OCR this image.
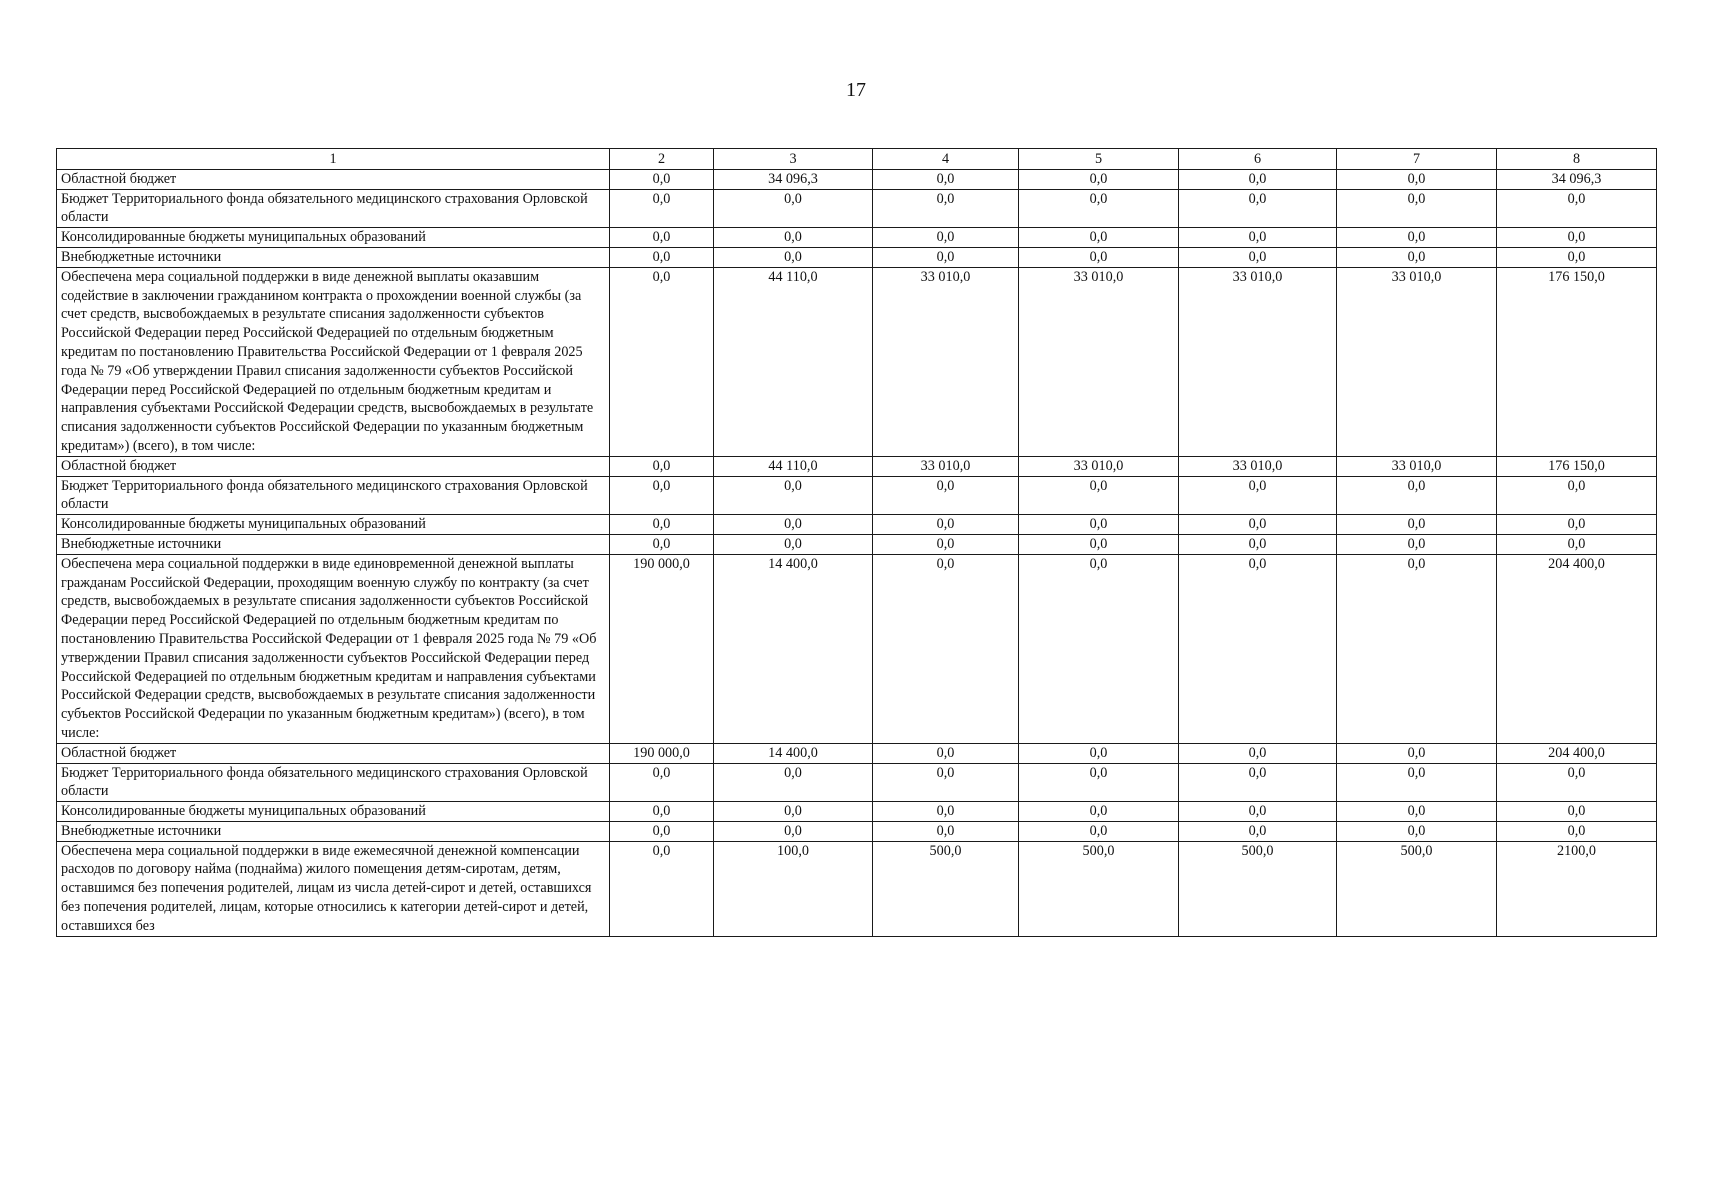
17
1	2	3	4	5	6	7	8
Областной бюджет	0,0	34 096,3	0,0	0,0	0,0	0,0	34 096,3
Бюджет Территориального фонда обязательного медицинского страхования Орловской области	0,0	0,0	0,0	0,0	0,0	0,0	0,0
Консолидированные бюджеты муниципальных образований	0,0	0,0	0,0	0,0	0,0	0,0	0,0
Внебюджетные источники	0,0	0,0	0,0	0,0	0,0	0,0	0,0
Обеспечена мера социальной поддержки в виде денежной выплаты оказавшим содействие в заключении гражданином контракта о прохождении военной службы (за счет средств, высвобождаемых в результате списания задолженности субъектов Российской Федерации перед Российской Федерацией по отдельным бюджетным кредитам по постановлению Правительства Российской Федерации от 1 февраля 2025 года № 79 «Об утверждении Правил списания задолженности субъектов Российской Федерации перед Российской Федерацией по отдельным бюджетным кредитам и направления субъектами Российской Федерации средств, высвобождаемых в результате списания задолженности субъектов Российской Федерации по указанным бюджетным кредитам») (всего), в том числе:	0,0	44 110,0	33 010,0	33 010,0	33 010,0	33 010,0	176 150,0
Областной бюджет	0,0	44 110,0	33 010,0	33 010,0	33 010,0	33 010,0	176 150,0
Бюджет Территориального фонда обязательного медицинского страхования Орловской области	0,0	0,0	0,0	0,0	0,0	0,0	0,0
Консолидированные бюджеты муниципальных образований	0,0	0,0	0,0	0,0	0,0	0,0	0,0
Внебюджетные источники	0,0	0,0	0,0	0,0	0,0	0,0	0,0
Обеспечена мера социальной поддержки в виде единовременной денежной выплаты гражданам Российской Федерации, проходящим военную службу по контракту (за счет средств, высвобождаемых в результате списания задолженности субъектов Российской Федерации перед Российской Федерацией по отдельным бюджетным кредитам по постановлению Правительства Российской Федерации от 1 февраля 2025 года № 79 «Об утверждении Правил списания задолженности субъектов Российской Федерации перед Российской Федерацией по отдельным бюджетным кредитам и направления субъектами Российской Федерации средств, высвобождаемых в результате списания задолженности субъектов Российской Федерации по указанным бюджетным кредитам») (всего), в том числе:	190 000,0	14 400,0	0,0	0,0	0,0	0,0	204 400,0
Областной бюджет	190 000,0	14 400,0	0,0	0,0	0,0	0,0	204 400,0
Бюджет Территориального фонда обязательного медицинского страхования Орловской области	0,0	0,0	0,0	0,0	0,0	0,0	0,0
Консолидированные бюджеты муниципальных образований	0,0	0,0	0,0	0,0	0,0	0,0	0,0
Внебюджетные источники	0,0	0,0	0,0	0,0	0,0	0,0	0,0
Обеспечена мера социальной поддержки в виде ежемесячной денежной компенсации расходов по договору найма (поднайма) жилого помещения детям-сиротам, детям, оставшимся без попечения родителей, лицам из числа детей-сирот и детей, оставшихся без попечения родителей, лицам, которые относились к категории детей-сирот и детей, оставшихся без	0,0	100,0	500,0	500,0	500,0	500,0	2100,0
